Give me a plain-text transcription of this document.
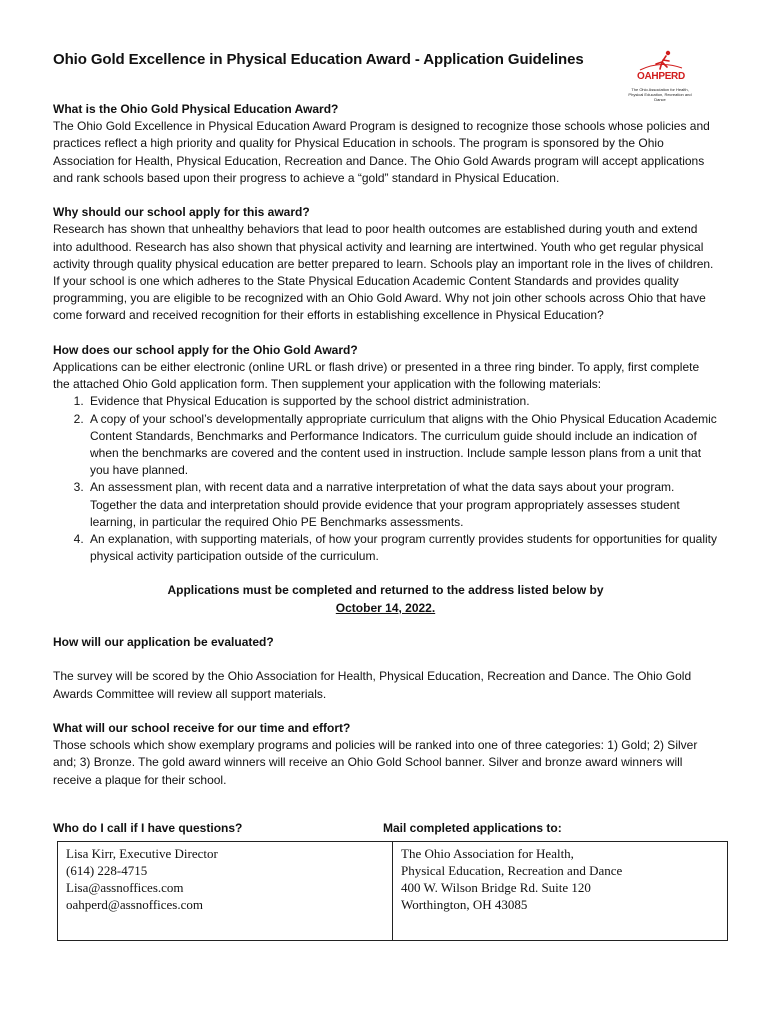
Ohio Gold Excellence in Physical Education Award - Application Guidelines
OAHPERD
The Ohio Association for Health, Physical Education, Recreation and Dance
What is the Ohio Gold Physical Education Award?
The Ohio Gold Excellence in Physical Education Award Program is designed to recognize those schools whose policies and practices reflect a high priority and quality for Physical Education in schools. The program is sponsored by the Ohio Association for Health, Physical Education, Recreation and Dance. The Ohio Gold Awards program will accept applications and rank schools based upon their progress to achieve a “gold” standard in Physical Education.
Why should our school apply for this award?
Research has shown that unhealthy behaviors that lead to poor health outcomes are established during youth and extend into adulthood. Research has also shown that physical activity and learning are intertwined. Youth who get regular physical activity through quality physical education are better prepared to learn. Schools play an important role in the lives of children. If your school is one which adheres to the State Physical Education Academic Content Standards and provides quality programming, you are eligible to be recognized with an Ohio Gold Award. Why not join other schools across Ohio that have come forward and received recognition for their efforts in establishing excellence in Physical Education?
How does our school apply for the Ohio Gold Award?
Applications can be either electronic (online URL or flash drive) or presented in a three ring binder. To apply, first complete the attached Ohio Gold application form. Then supplement your application with the following materials:
1. Evidence that Physical Education is supported by the school district administration.
2. A copy of your school’s developmentally appropriate curriculum that aligns with the Ohio Physical Education Academic Content Standards, Benchmarks and Performance Indicators. The curriculum guide should include an indication of when the benchmarks are covered and the content used in instruction. Include sample lesson plans from a unit that you have planned.
3. An assessment plan, with recent data and a narrative interpretation of what the data says about your program. Together the data and interpretation should provide evidence that your program appropriately assesses student learning, in particular the required Ohio PE Benchmarks assessments.
4. An explanation, with supporting materials, of how your program currently provides students for opportunities for quality physical activity participation outside of the curriculum.
Applications must be completed and returned to the address listed below by
October 14, 2022.
How will our application be evaluated?
The survey will be scored by the Ohio Association for Health, Physical Education, Recreation and Dance. The Ohio Gold Awards Committee will review all support materials.
What will our school receive for our time and effort?
Those schools which show exemplary programs and policies will be ranked into one of three categories: 1) Gold; 2) Silver and; 3) Bronze. The gold award winners will receive an Ohio Gold School banner. Silver and bronze award winners will receive a plaque for their school.
Who do I call if I have questions?	Mail completed applications to:
Lisa Kirr, Executive Director
(614) 228-4715
Lisa@assnoffices.com
oahperd@assnoffices.com
The Ohio Association for Health,
Physical Education, Recreation and Dance
400 W. Wilson Bridge Rd. Suite 120
Worthington, OH 43085
